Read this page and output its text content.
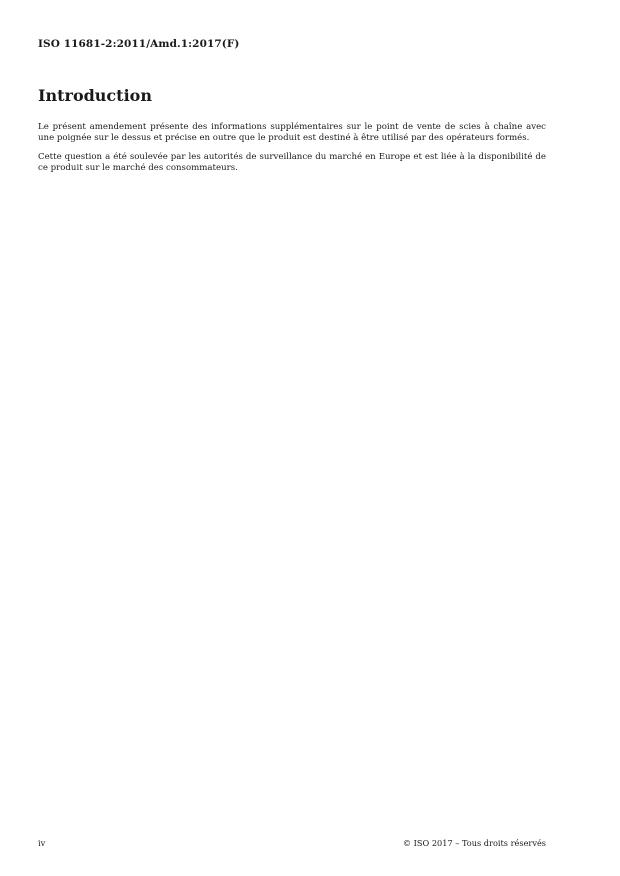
ISO 11681-2:2011/Amd.1:2017(F)
Introduction

Le présent amendement présente des informations supplémentaires sur le point de vente de scies à chaîne avec une poignée sur le dessus et précise en outre que le produit est destiné à être utilisé par des opérateurs formés.

Cette question a été soulevée par les autorités de surveillance du marché en Europe et est liée à la disponibilité de ce produit sur le marché des consommateurs.

iv	© ISO 2017 – Tous droits réservés
